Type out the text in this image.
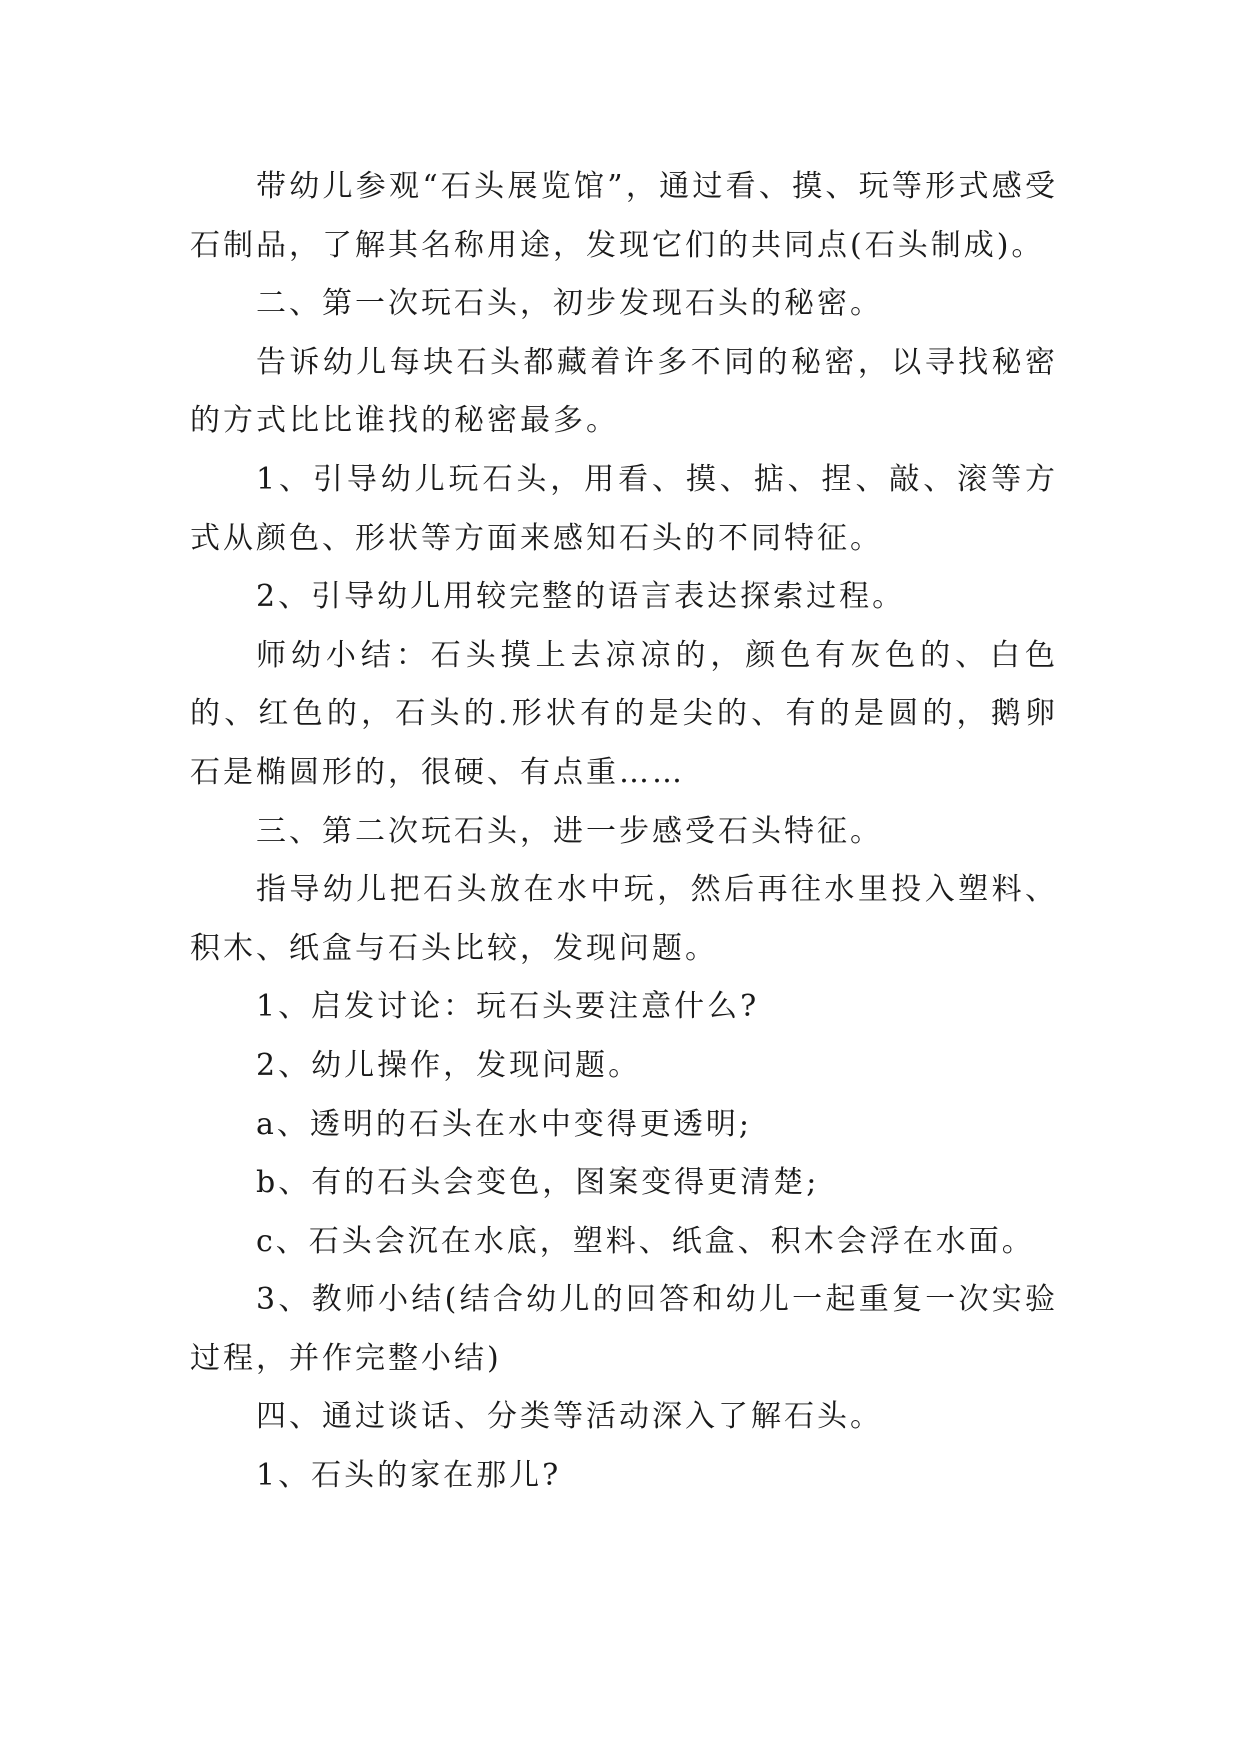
带幼儿参观“石头展览馆”，通过看、摸、玩等形式感受石制品，了解其名称用途，发现它们的共同点(石头制成)。

二、第一次玩石头，初步发现石头的秘密。

告诉幼儿每块石头都藏着许多不同的秘密，以寻找秘密的方式比比谁找的秘密最多。

1、引导幼儿玩石头，用看、摸、掂、捏、敲、滚等方式从颜色、形状等方面来感知石头的不同特征。

2、引导幼儿用较完整的语言表达探索过程。

师幼小结：石头摸上去凉凉的，颜色有灰色的、白色的、红色的，石头的.形状有的是尖的、有的是圆的，鹅卵石是椭圆形的，很硬、有点重……

三、第二次玩石头，进一步感受石头特征。

指导幼儿把石头放在水中玩，然后再往水里投入塑料、积木、纸盒与石头比较，发现问题。

1、启发讨论：玩石头要注意什么?

2、幼儿操作，发现问题。

a、透明的石头在水中变得更透明;

b、有的石头会变色，图案变得更清楚;

c、石头会沉在水底，塑料、纸盒、积木会浮在水面。

3、教师小结(结合幼儿的回答和幼儿一起重复一次实验过程，并作完整小结)

四、通过谈话、分类等活动深入了解石头。

1、石头的家在那儿?
